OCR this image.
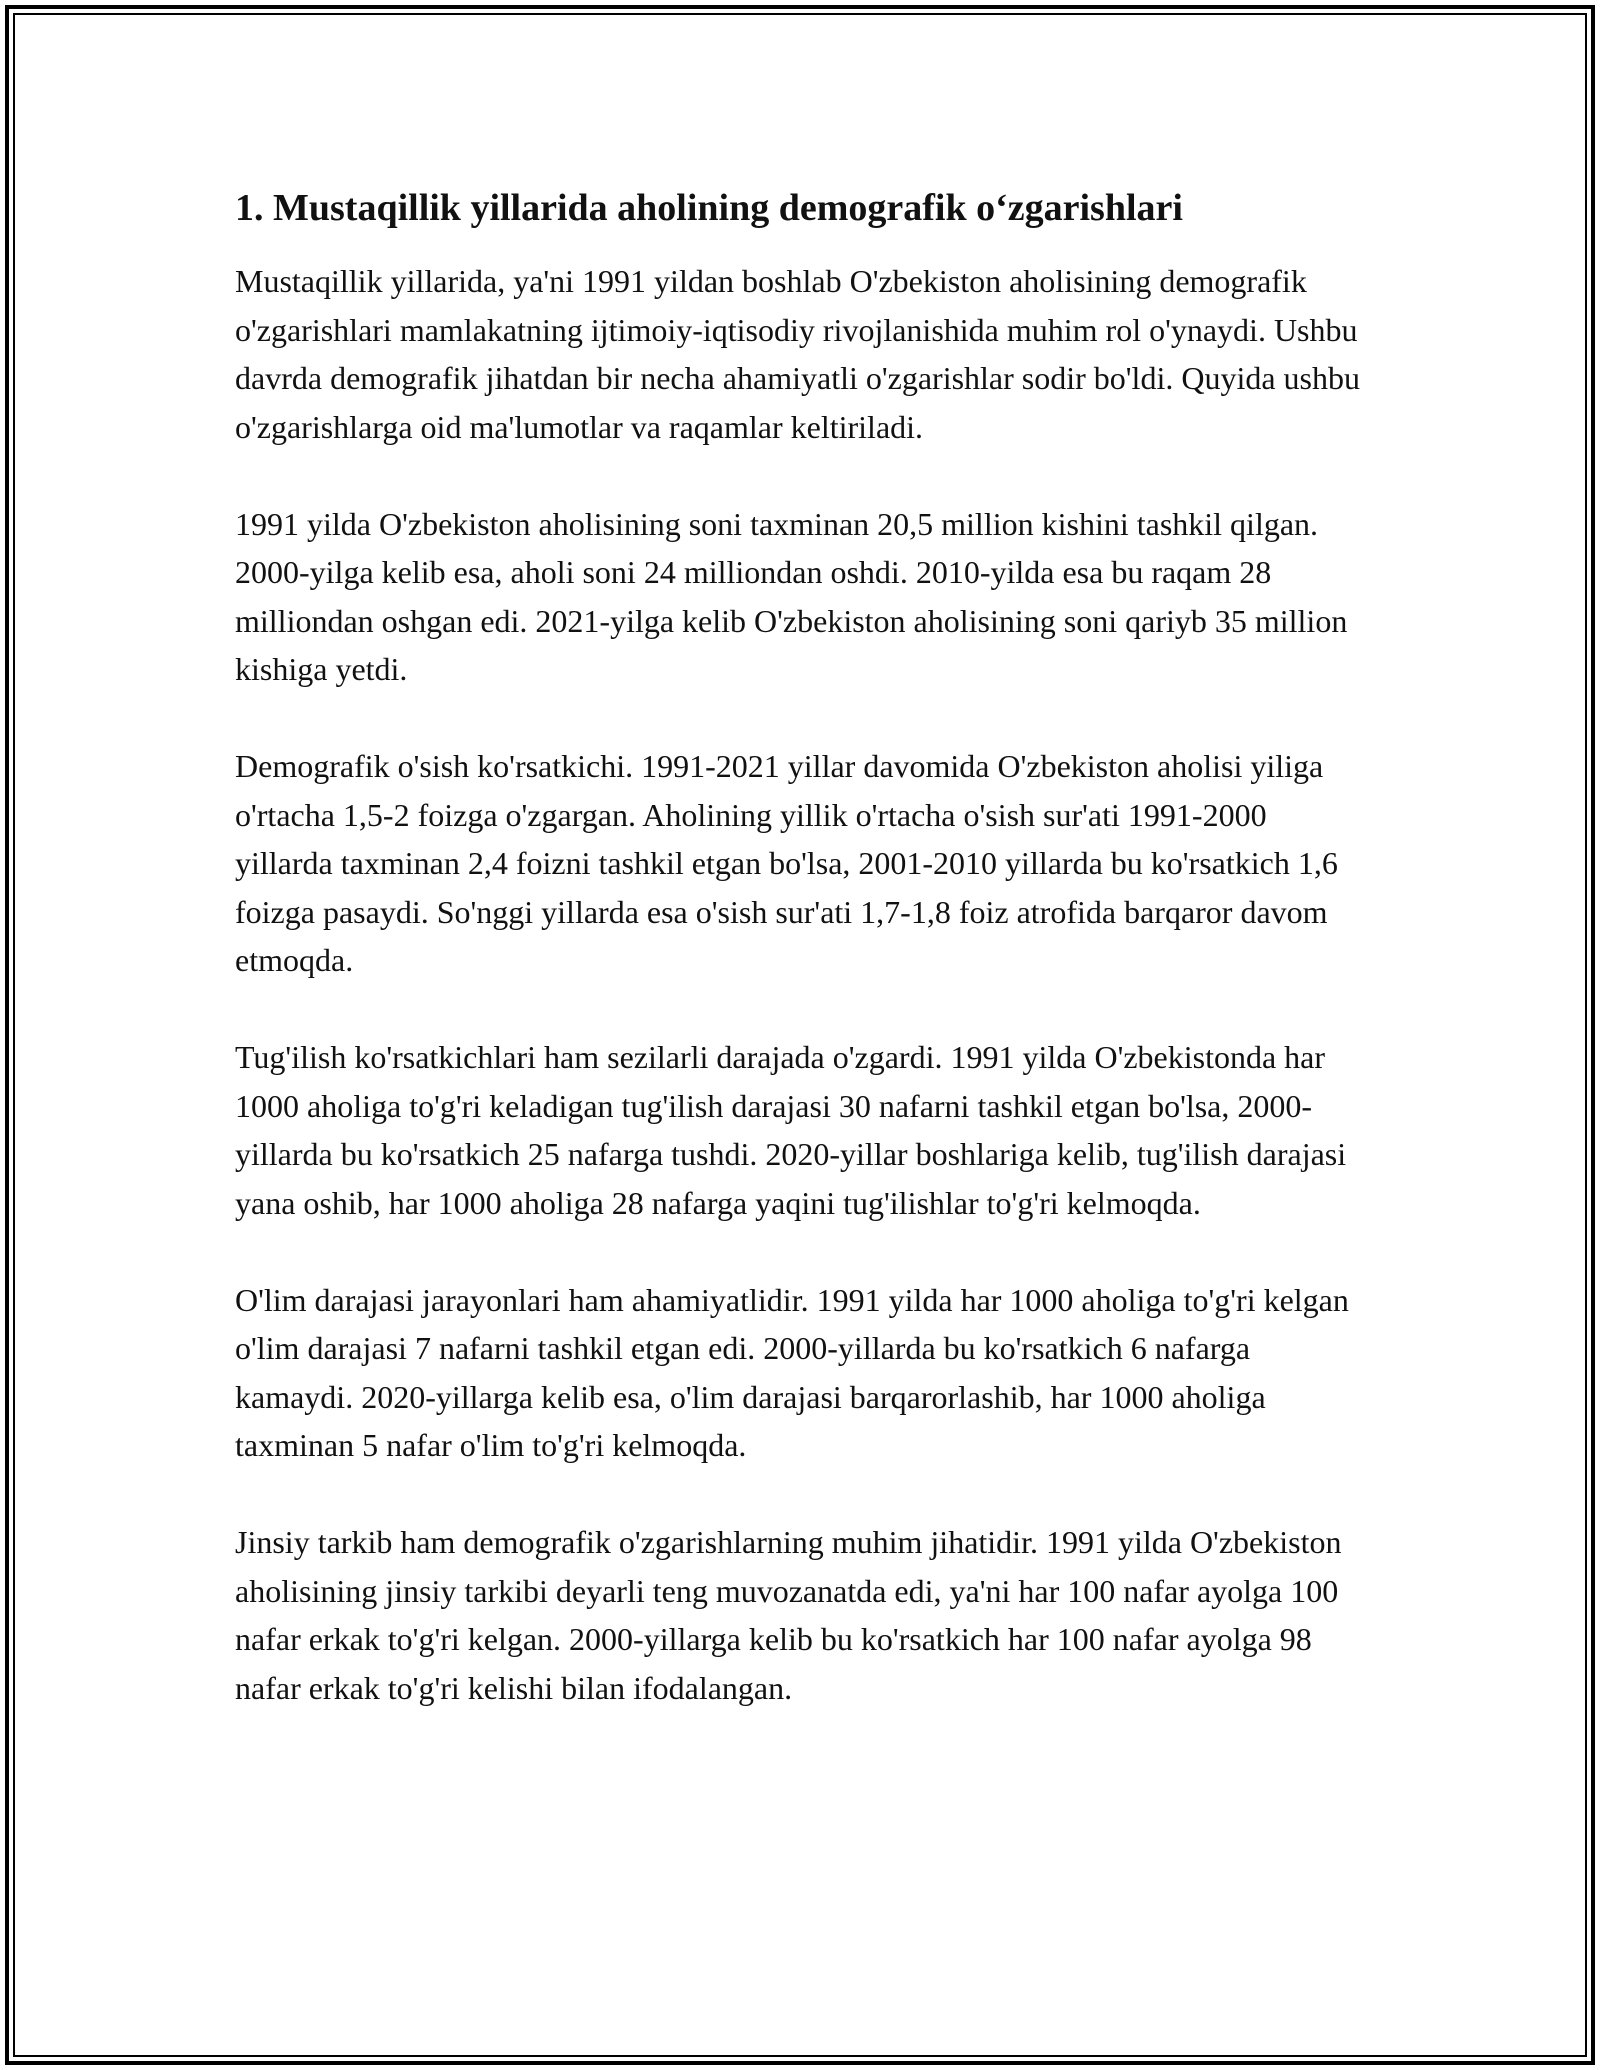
1. Mustaqillik yillarida aholining demografik o‘zgarishlari

Mustaqillik yillarida, ya'ni 1991 yildan boshlab O'zbekiston aholisining demografik o'zgarishlari mamlakatning ijtimoiy-iqtisodiy rivojlanishida muhim rol o'ynaydi. Ushbu davrda demografik jihatdan bir necha ahamiyatli o'zgarishlar sodir bo'ldi. Quyida ushbu o'zgarishlarga oid ma'lumotlar va raqamlar keltiriladi.

1991 yilda O'zbekiston aholisining soni taxminan 20,5 million kishini tashkil qilgan. 2000-yilga kelib esa, aholi soni 24 milliondan oshdi. 2010-yilda esa bu raqam 28 milliondan oshgan edi. 2021-yilga kelib O'zbekiston aholisining soni qariyb 35 million kishiga yetdi.

Demografik o'sish ko'rsatkichi. 1991-2021 yillar davomida O'zbekiston aholisi yiliga o'rtacha 1,5-2 foizga o'zgargan. Aholining yillik o'rtacha o'sish sur'ati 1991-2000 yillarda taxminan 2,4 foizni tashkil etgan bo'lsa, 2001-2010 yillarda bu ko'rsatkich 1,6 foizga pasaydi. So'nggi yillarda esa o'sish sur'ati 1,7-1,8 foiz atrofida barqaror davom etmoqda.

Tug'ilish ko'rsatkichlari ham sezilarli darajada o'zgardi. 1991 yilda O'zbekistonda har 1000 aholiga to'g'ri keladigan tug'ilish darajasi 30 nafarni tashkil etgan bo'lsa, 2000-yillarda bu ko'rsatkich 25 nafarga tushdi. 2020-yillar boshlariga kelib, tug'ilish darajasi yana oshib, har 1000 aholiga 28 nafarga yaqini tug'ilishlar to'g'ri kelmoqda.

O'lim darajasi jarayonlari ham ahamiyatlidir. 1991 yilda har 1000 aholiga to'g'ri kelgan o'lim darajasi 7 nafarni tashkil etgan edi. 2000-yillarda bu ko'rsatkich 6 nafarga kamaydi. 2020-yillarga kelib esa, o'lim darajasi barqarorlashib, har 1000 aholiga taxminan 5 nafar o'lim to'g'ri kelmoqda.

Jinsiy tarkib ham demografik o'zgarishlarning muhim jihatidir. 1991 yilda O'zbekiston aholisining jinsiy tarkibi deyarli teng muvozanatda edi, ya'ni har 100 nafar ayolga 100 nafar erkak to'g'ri kelgan. 2000-yillarga kelib bu ko'rsatkich har 100 nafar ayolga 98 nafar erkak to'g'ri kelishi bilan ifodalangan.
